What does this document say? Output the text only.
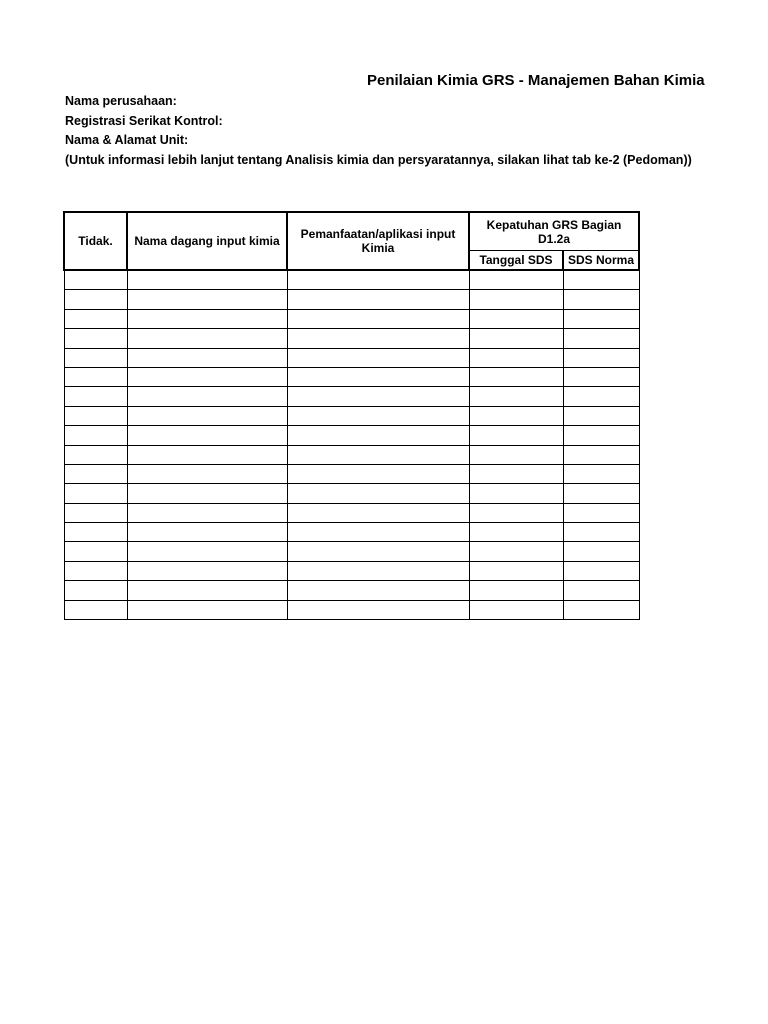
Penilaian Kimia GRS - Manajemen Bahan Kimia
Nama perusahaan:
Registrasi Serikat Kontrol:
Nama & Alamat Unit:
(Untuk informasi lebih lanjut tentang Analisis kimia dan persyaratannya, silakan lihat tab ke-2 (Pedoman))
Tidak.	Nama dagang input kimia	Pemanfaatan/aplikasi input Kimia	Kepatuhan GRS Bagian D1.2a	
			Tanggal SDS	SDS Norma
